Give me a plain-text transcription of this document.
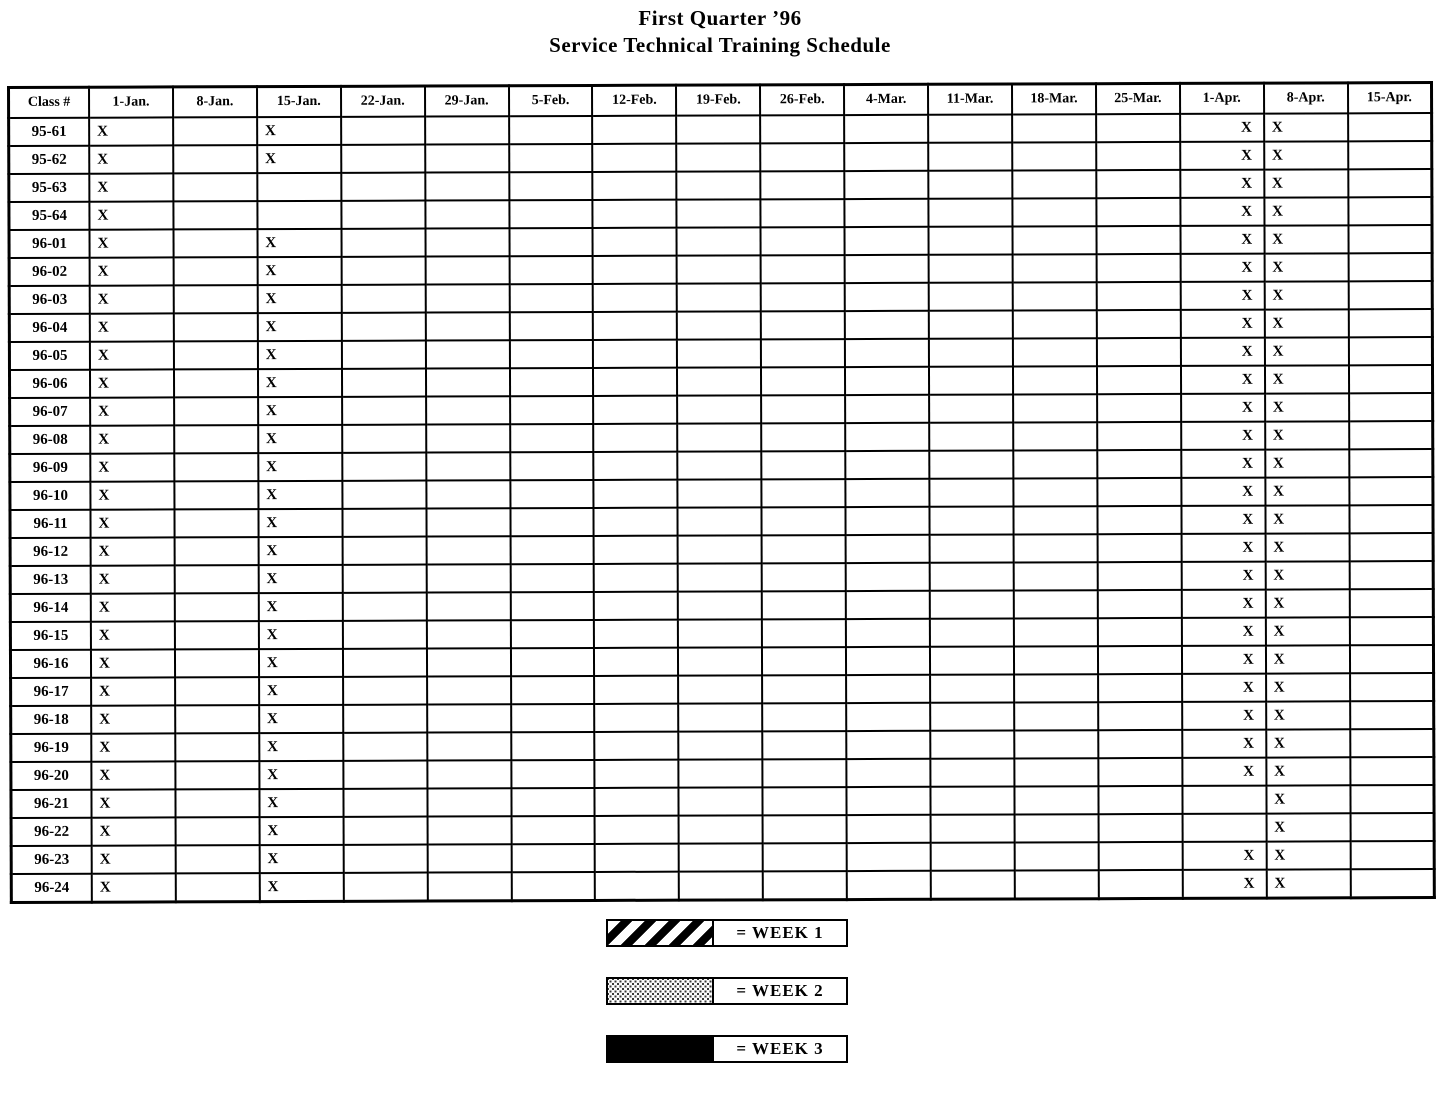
First Quarter ’96
Service Technical Training Schedule
Class #	1-Jan.	8-Jan.	15-Jan.	22-Jan.	29-Jan.	5-Feb.	12-Feb.	19-Feb.	26-Feb.	4-Mar.	11-Mar.	18-Mar.	25-Mar.	1-Apr.	8-Apr.	15-Apr.
95-61	X		X											X	X	
95-62	X		X											X	X	
95-63	X		X											X	X	
95-64	X		X											X	X	
96-01	X		X											X	X	
96-02	X		X											X	X	
96-03	X		X											X	X	
96-04	X		X											X	X	
96-05	X		X											X	X	
96-06	X		X											X	X	
96-07	X		X											X	X	
96-08	X		X											X	X	
96-09	X		X											X	X	
96-10	X		X											X	X	
96-11	X		X											X	X	
96-12	X		X											X	X	
96-13	X		X											X	X	
96-14	X		X											X	X	
96-15	X		X											X	X	
96-16	X		X											X	X	
96-17	X		X											X	X	
96-18	X		X											X	X	
96-19	X		X											X	X	
96-20	X		X											X	X	
96-21	X		X											X	X	
96-22	X		X											X	X	
96-23	X		X											X	X	
96-24	X		X											X	X	
= WEEK 1
= WEEK 2
= WEEK 3
